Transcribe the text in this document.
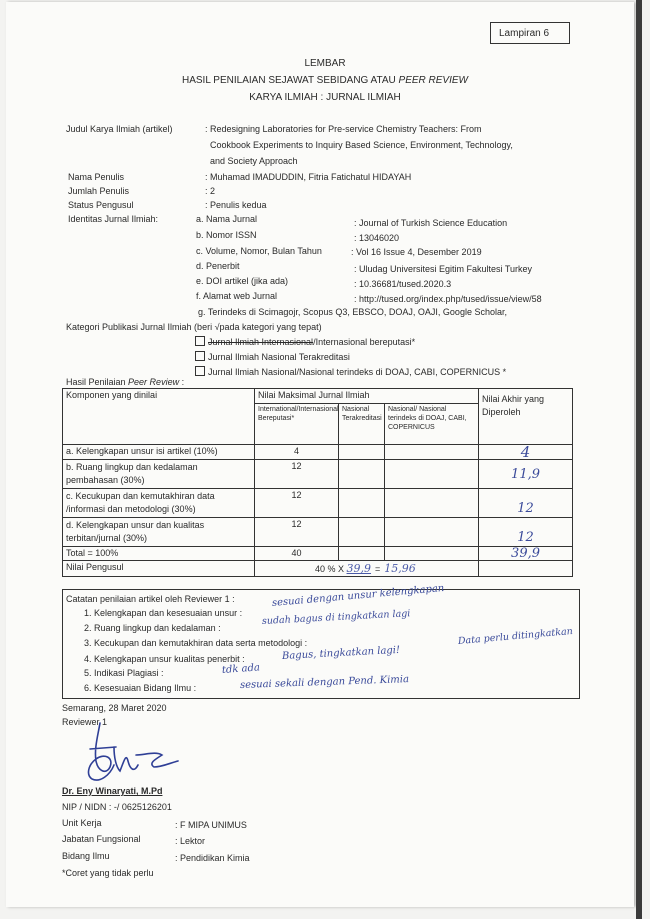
Lampiran 6
LEMBAR
HASIL PENILAIAN SEJAWAT SEBIDANG ATAU PEER REVIEW
KARYA ILMIAH : JURNAL ILMIAH
Judul Karya Ilmiah (artikel)	: Redesigning Laboratories for Pre-service Chemistry Teachers: From
Cookbook Experiments to Inquiry Based Science, Environment, Technology,
and Society Approach
Nama Penulis	: Muhamad IMADUDDIN, Fitria Fatichatul HIDAYAH
Jumlah Penulis	: 2
Status Pengusul	: Penulis kedua
Identitas Jurnal Ilmiah:	a. Nama Jurnal	: Journal of Turkish Science Education
b. Nomor ISSN	: 13046020
c. Volume, Nomor, Bulan Tahun	: Vol 16 Issue 4, Desember 2019
d. Penerbit	: Uludag Universitesi Egitim Fakultesi Turkey
e. DOI artikel (jika ada)	: 10.36681/tused.2020.3
f. Alamat web Jurnal	: http://tused.org/index.php/tused/issue/view/58
g. Terindeks di Scimagojr, Scopus Q3, EBSCO, DOAJ, OAJI, Google Scholar,
Kategori Publikasi Jurnal Ilmiah (beri √pada kategori yang tepat)
Jurnal Ilmiah Internasional/Internasional bereputasi*
Jurnal Ilmiah Nasional Terakreditasi
Jurnal Ilmiah Nasional/Nasional terindeks di DOAJ, CABI, COPERNICUS *
Hasil Penilaian Peer Review :
Komponen yang dinilai	Nilai Maksimal Jurnal Ilmiah			Nilai Akhir yang Diperoleh
	International/Internasional Bereputasi*	Nasional Terakreditasi	Nasional/ Nasional terindeks di DOAJ, CABI, COPERNICUS	
a. Kelengkapan unsur isi artikel (10%)	4			4
b. Ruang lingkup dan kedalaman pembahasan (30%)	12			11,9
c. Kecukupan dan kemutakhiran data /informasi dan metodologi (30%)	12			12
d. Kelengkapan unsur dan kualitas terbitan/jurnal (30%)	12			12
Total = 100%	40			39,9
Nilai Pengusul	40 % X 39,9 = 15,96			
Catatan penilaian artikel oleh Reviewer 1 :
1. Kelengkapan dan kesesuaian unsur :
sesuai dengan unsur kelengkapan
2. Ruang lingkup dan kedalaman :
sudah bagus di tingkatkan lagi
3. Kecukupan dan kemutakhiran data serta metodologi :	Data perlu ditingkatkan
4. Kelengkapan unsur kualitas penerbit :	Bagus, tingkatkan lagi!
5. Indikasi Plagiasi :	tdk ada
6. Kesesuaian Bidang Ilmu :	sesuai sekali dengan Pend. Kimia
Semarang, 28 Maret 2020
Reviewer 1
Dr. Eny Winaryati, M.Pd
NIP / NIDN : -/ 0625126201
Unit Kerja	: F MIPA UNIMUS
Jabatan Fungsional	: Lektor
Bidang Ilmu	: Pendidikan Kimia
*Coret yang tidak perlu
